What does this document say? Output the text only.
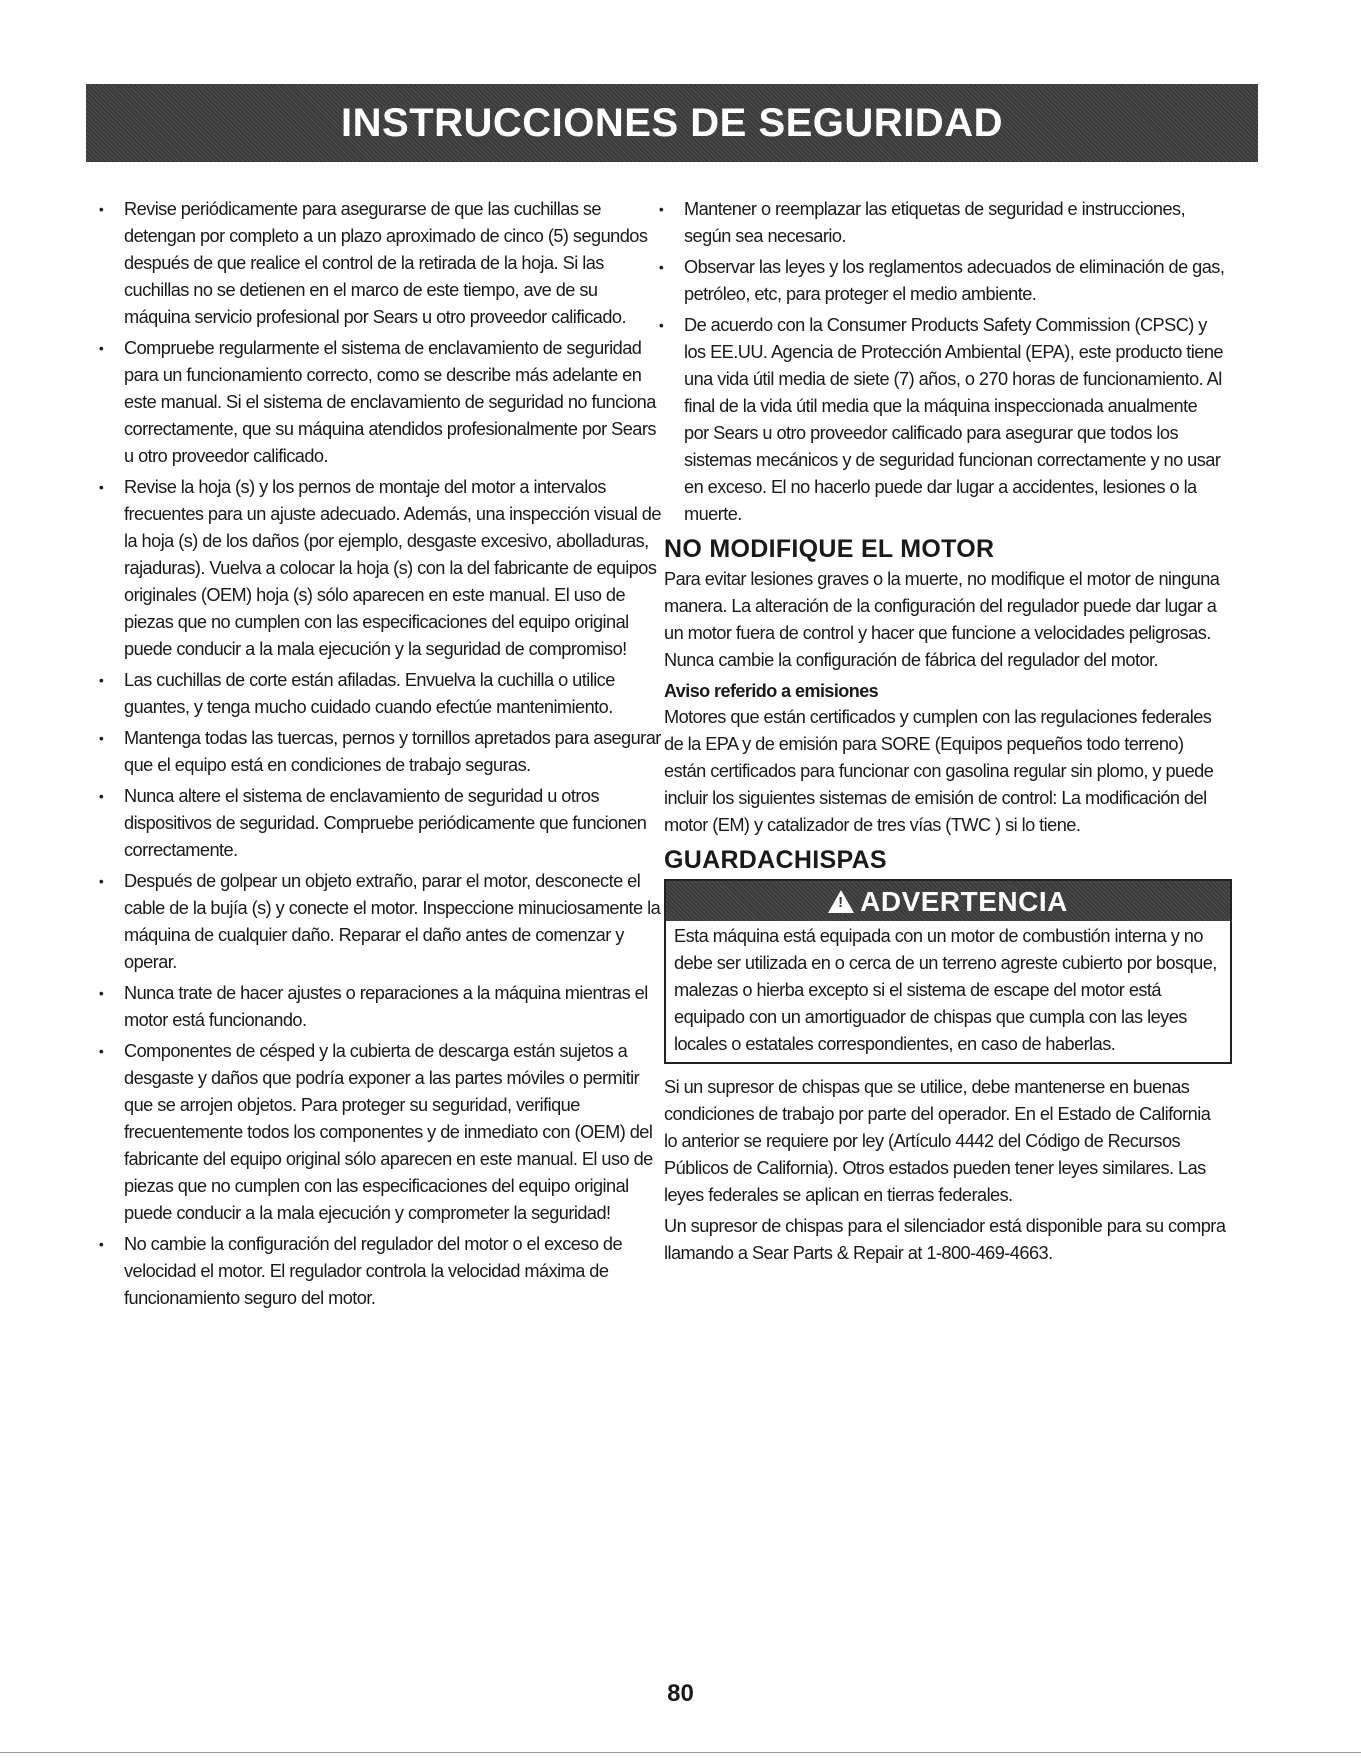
INSTRUCCIONES DE SEGURIDAD
• Revise periódicamente para asegurarse de que las cuchillas se detengan por completo a un plazo aproximado de cinco (5) segundos después de que realice el control de la retirada de la hoja. Si las cuchillas no se detienen en el marco de este tiempo, ave de su máquina servicio profesional por Sears u otro proveedor calificado.
• Compruebe regularmente el sistema de enclavamiento de seguridad para un funcionamiento correcto, como se describe más adelante en este manual. Si el sistema de enclavamiento de seguridad no funciona correctamente, que su máquina atendidos profesionalmente por Sears u otro proveedor calificado.
• Revise la hoja (s) y los pernos de montaje del motor a intervalos frecuentes para un ajuste adecuado. Además, una inspección visual de la hoja (s) de los daños (por ejemplo, desgaste excesivo, abolladuras, rajaduras). Vuelva a colocar la hoja (s) con la del fabricante de equipos originales (OEM) hoja (s) sólo aparecen en este manual. El uso de piezas que no cumplen con las especificaciones del equipo original puede conducir a la mala ejecución y la seguridad de compromiso!
• Las cuchillas de corte están afiladas. Envuelva la cuchilla o utilice guantes, y tenga mucho cuidado cuando efectúe mantenimiento.
• Mantenga todas las tuercas, pernos y tornillos apretados para asegurar que el equipo está en condiciones de trabajo seguras.
• Nunca altere el sistema de enclavamiento de seguridad u otros dispositivos de seguridad. Compruebe periódicamente que funcionen correctamente.
• Después de golpear un objeto extraño, parar el motor, desconecte el cable de la bujía (s) y conecte el motor. Inspeccione minuciosamente la máquina de cualquier daño. Reparar el daño antes de comenzar y operar.
• Nunca trate de hacer ajustes o reparaciones a la máquina mientras el motor está funcionando.
• Componentes de césped y la cubierta de descarga están sujetos a desgaste y daños que podría exponer a las partes móviles o permitir que se arrojen objetos. Para proteger su seguridad, verifique frecuentemente todos los componentes y de inmediato con (OEM) del fabricante del equipo original sólo aparecen en este manual. El uso de piezas que no cumplen con las especificaciones del equipo original puede conducir a la mala ejecución y comprometer la seguridad!
• No cambie la configuración del regulador del motor o el exceso de velocidad el motor. El regulador controla la velocidad máxima de funcionamiento seguro del motor.
• Mantener o reemplazar las etiquetas de seguridad e instrucciones, según sea necesario.
• Observar las leyes y los reglamentos adecuados de eliminación de gas, petróleo, etc, para proteger el medio ambiente.
• De acuerdo con la Consumer Products Safety Commission (CPSC) y los EE.UU. Agencia de Protección Ambiental (EPA), este producto tiene una vida útil media de siete (7) años, o 270 horas de funcionamiento. Al final de la vida útil media que la máquina inspeccionada anualmente por Sears u otro proveedor calificado para asegurar que todos los sistemas mecánicos y de seguridad funcionan correctamente y no usar en exceso. El no hacerlo puede dar lugar a accidentes, lesiones o la muerte.
NO MODIFIQUE EL MOTOR

Para evitar lesiones graves o la muerte, no modifique el motor de ninguna manera. La alteración de la configuración del regulador puede dar lugar a un motor fuera de control y hacer que funcione a velocidades peligrosas. Nunca cambie la configuración de fábrica del regulador del motor.

Aviso referido a emisiones

Motores que están certificados y cumplen con las regulaciones federales de la EPA y de emisión para SORE (Equipos pequeños todo terreno) están certificados para funcionar con gasolina regular sin plomo, y puede incluir los siguientes sistemas de emisión de control: La modificación del motor (EM) y catalizador de tres vías (TWC ) si lo tiene.

GUARDACHISPAS
! ADVERTENCIA
Esta máquina está equipada con un motor de combustión interna y no debe ser utilizada en o cerca de un terreno agreste cubierto por bosque, malezas o hierba excepto si el sistema de escape del motor está equipado con un amortiguador de chispas que cumpla con las leyes locales o estatales correspondientes, en caso de haberlas.

Si un supresor de chispas que se utilice, debe mantenerse en buenas condiciones de trabajo por parte del operador. En el Estado de California lo anterior se requiere por ley (Artículo 4442 del Código de Recursos Públicos de California). Otros estados pueden tener leyes similares. Las leyes federales se aplican en tierras federales.

Un supresor de chispas para el silenciador está disponible para su compra llamando a Sear Parts & Repair at 1-800-469-4663.

80
